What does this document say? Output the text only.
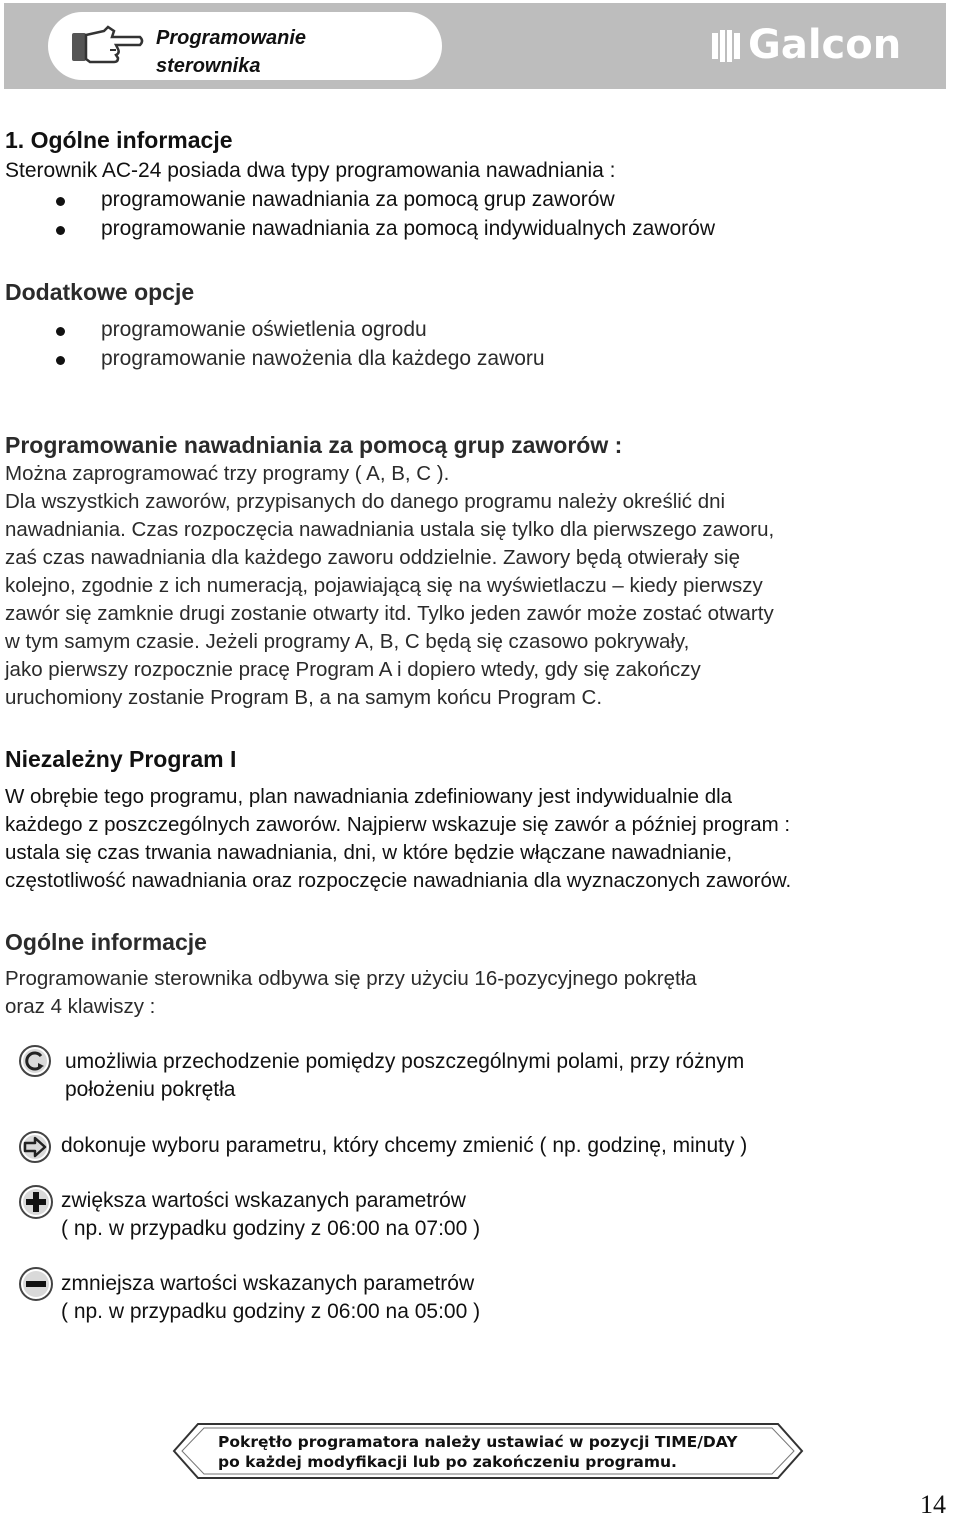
Programowanie
sterownika	Galcon
1. Ogólne informacje
Sterownik AC-24 posiada dwa typy programowania nawadniania :
programowanie nawadniania za pomocą grup zaworów
programowanie nawadniania za pomocą indywidualnych zaworów
Dodatkowe opcje
programowanie oświetlenia ogrodu
programowanie nawożenia dla każdego zaworu
Programowanie nawadniania za pomocą grup zaworów :

Można zaprogramować trzy programy ( A, B, C ).

Dla wszystkich zaworów, przypisanych do danego programu należy określić dni

nawadniania. Czas rozpoczęcia nawadniania ustala się tylko dla pierwszego zaworu,

zaś czas nawadniania dla każdego zaworu oddzielnie. Zawory będą otwierały się

kolejno, zgodnie z ich numeracją, pojawiającą się na wyświetlaczu – kiedy pierwszy

zawór się zamknie drugi zostanie otwarty itd. Tylko jeden zawór może zostać otwarty

w tym samym czasie. Jeżeli programy A, B, C będą się czasowo pokrywały,

jako pierwszy rozpocznie pracę Program A i dopiero wtedy, gdy się zakończy

uruchomiony zostanie Program B, a na samym końcu Program C.

Niezależny Program I

W obrębie tego programu, plan nawadniania zdefiniowany jest indywidualnie dla

każdego z poszczególnych zaworów. Najpierw wskazuje się zawór a później program :

ustala się czas trwania nawadniania, dni, w które będzie włączane nawadnianie,

częstotliwość nawadniania oraz rozpoczęcie nawadniania dla wyznaczonych zaworów.

Ogólne informacje

Programowanie sterownika odbywa się przy użyciu 16-pozycyjnego pokrętła

oraz 4 klawiszy :

umożliwia przechodzenie pomiędzy poszczególnymi polami, przy różnym
położeniu pokrętła
dokonuje wyboru parametru, który chcemy zmienić ( np. godzinę, minuty )
zwiększa wartości wskazanych parametrów
( np. w przypadku godziny z 06:00 na 07:00 )
zmniejsza wartości wskazanych parametrów
( np. w przypadku godziny z 06:00 na 05:00 )
Pokrętło programatora należy ustawiać w pozycji TIME/DAY
po każdej modyfikacji lub po zakończeniu programu.
14
